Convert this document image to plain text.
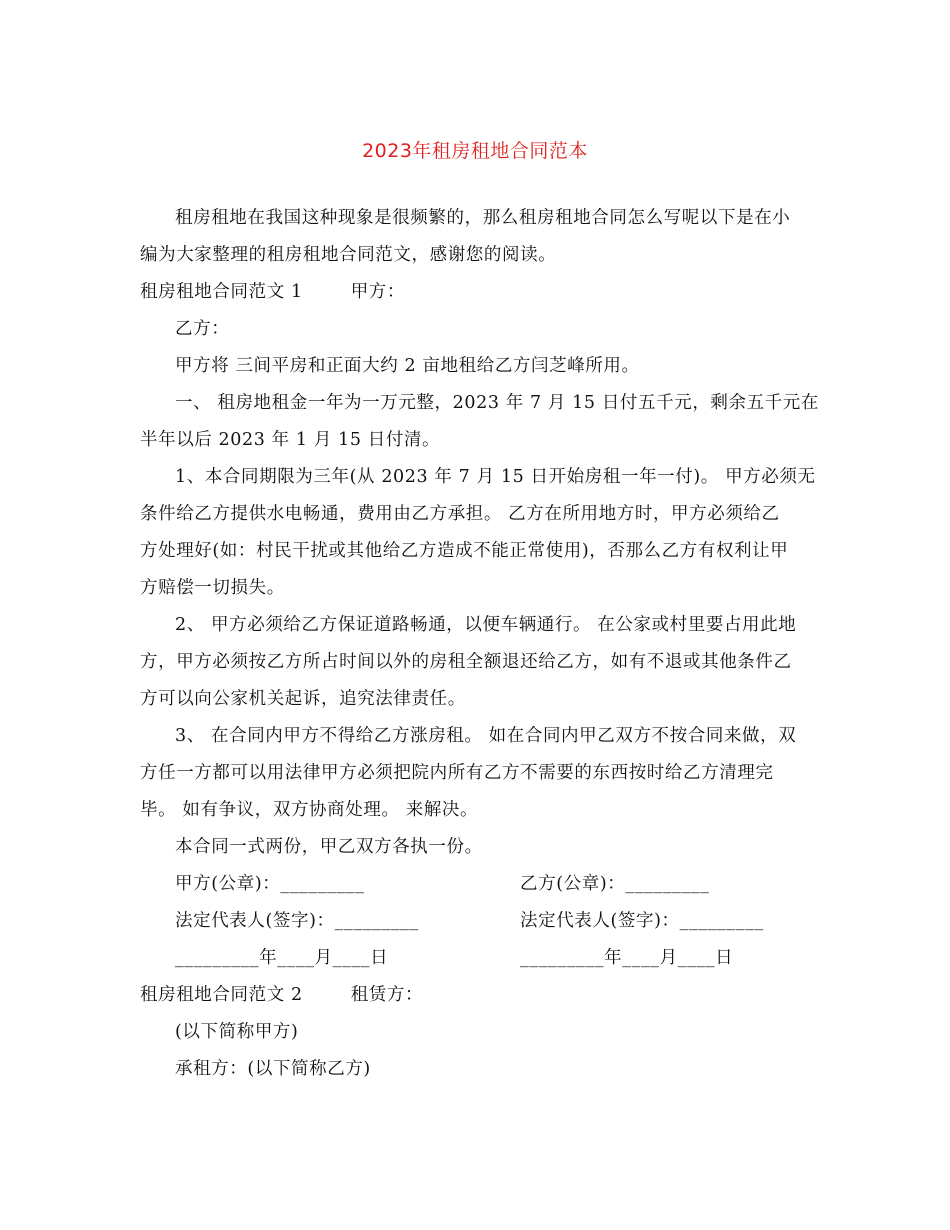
2023年租房租地合同范本
租房租地在我国这种现象是很频繁的，那么租房租地合同怎么写呢以下是在小
编为大家整理的租房租地合同范文，感谢您的阅读。
租房租地合同范文 1	甲方：
乙方：
甲方将 三间平房和正面大约 2 亩地租给乙方闫芝峰所用。
一、 租房地租金一年为一万元整，2023 年 7 月 15 日付五千元，剩余五千元在
半年以后 2023 年 1 月 15 日付清。
1、本合同期限为三年(从 2023 年 7 月 15 日开始房租一年一付)。 甲方必须无
条件给乙方提供水电畅通，费用由乙方承担。 乙方在所用地方时，甲方必须给乙
方处理好(如：村民干扰或其他给乙方造成不能正常使用)，否那么乙方有权利让甲
方赔偿一切损失。
2、 甲方必须给乙方保证道路畅通，以便车辆通行。 在公家或村里要占用此地
方，甲方必须按乙方所占时间以外的房租全额退还给乙方，如有不退或其他条件乙
方可以向公家机关起诉，追究法律责任。
3、 在合同内甲方不得给乙方涨房租。 如在合同内甲乙双方不按合同来做，双
方任一方都可以用法律甲方必须把院内所有乙方不需要的东西按时给乙方清理完
毕。 如有争议，双方协商处理。 来解决。
本合同一式两份，甲乙双方各执一份。
甲方(公章)：_________	乙方(公章)：_________
法定代表人(签字)：_________	法定代表人(签字)：_________
_________年____月____日	_________年____月____日
租房租地合同范文 2	租赁方：
(以下简称甲方)
承租方：(以下简称乙方)
